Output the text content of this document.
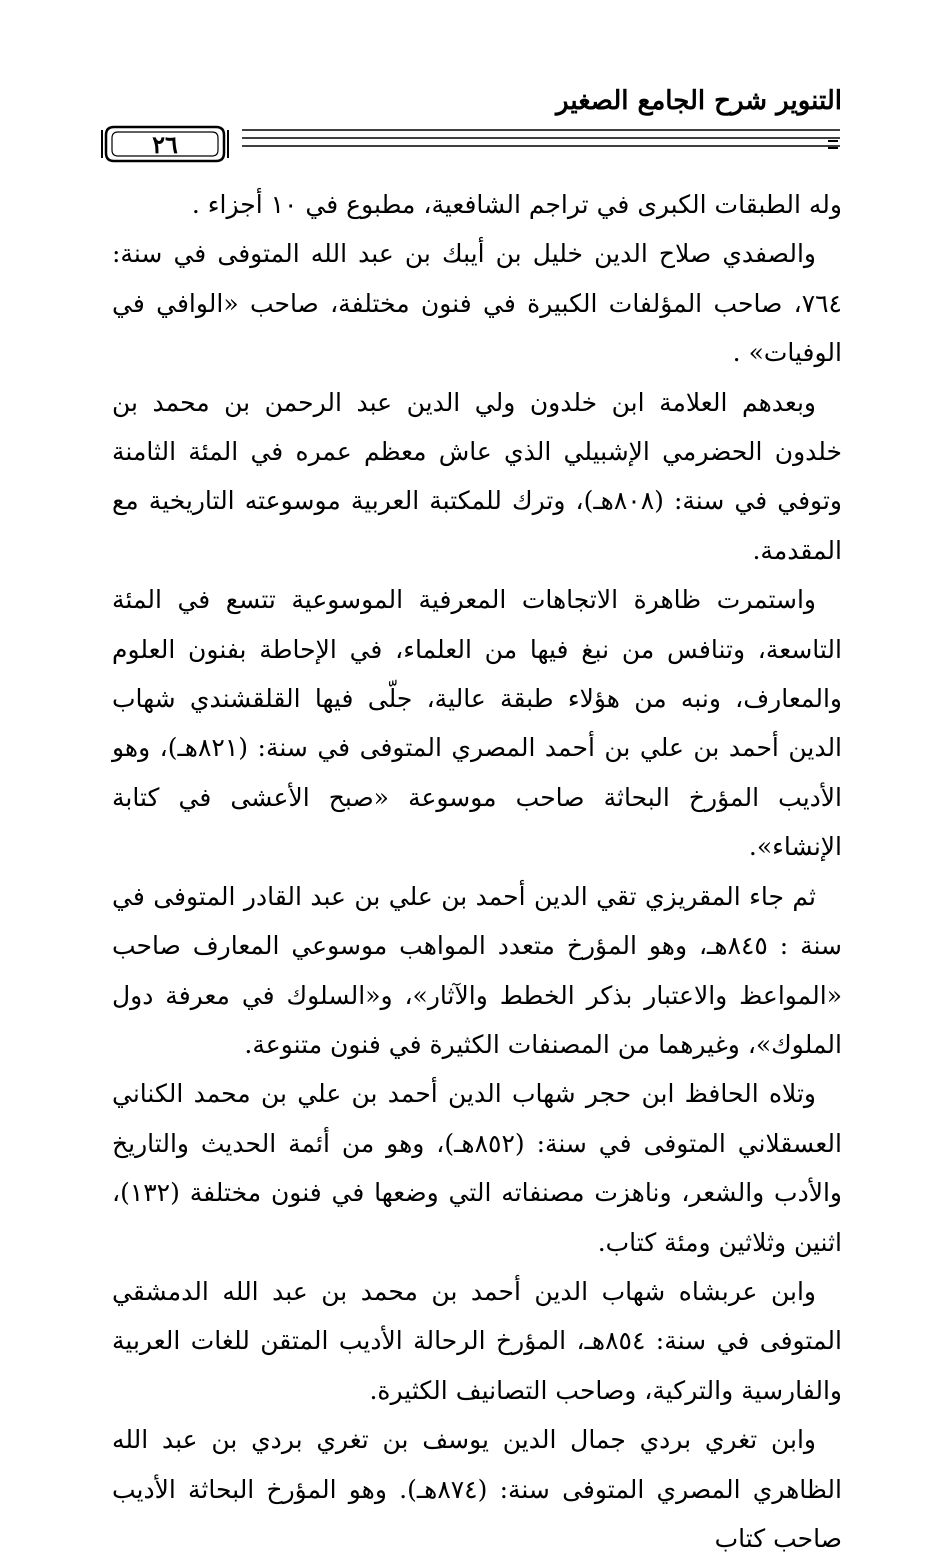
التنوير شرح الجامع الصغير
٢٦

وله الطبقات الكبرى في تراجم الشافعية، مطبوع في ١٠ أجزاء .

والصفدي صلاح الدين خليل بن أيبك بن عبد الله المتوفى في سنة: ٧٦٤، صاحب المؤلفات الكبيرة في فنون مختلفة، صاحب «الوافي في الوفيات» .

وبعدهم العلامة ابن خلدون ولي الدين عبد الرحمن بن محمد بن خلدون الحضرمي الإشبيلي الذي عاش معظم عمره في المئة الثامنة وتوفي في سنة: (٨٠٨هـ)، وترك للمكتبة العربية موسوعته التاريخية مع المقدمة.

واستمرت ظاهرة الاتجاهات المعرفية الموسوعية تتسع في المئة التاسعة، وتنافس من نبغ فيها من العلماء، في الإحاطة بفنون العلوم والمعارف، ونبه من هؤلاء طبقة عالية، جلّى فيها القلقشندي شهاب الدين أحمد بن علي بن أحمد المصري المتوفى في سنة: (٨٢١هـ)، وهو الأديب المؤرخ البحاثة صاحب موسوعة «صبح الأعشى في كتابة الإنشاء».

ثم جاء المقريزي تقي الدين أحمد بن علي بن عبد القادر المتوفى في سنة : ٨٤٥هـ، وهو المؤرخ متعدد المواهب موسوعي المعارف صاحب «المواعظ والاعتبار بذكر الخطط والآثار»، و«السلوك في معرفة دول الملوك»، وغيرهما من المصنفات الكثيرة في فنون متنوعة.

وتلاه الحافظ ابن حجر شهاب الدين أحمد بن علي بن محمد الكناني العسقلاني المتوفى في سنة: (٨٥٢هـ)، وهو من أئمة الحديث والتاريخ والأدب والشعر، وناهزت مصنفاته التي وضعها في فنون مختلفة (١٣٢)، اثنين وثلاثين ومئة كتاب.

وابن عربشاه شهاب الدين أحمد بن محمد بن عبد الله الدمشقي المتوفى في سنة: ٨٥٤هـ، المؤرخ الرحالة الأديب المتقن للغات العربية والفارسية والتركية، وصاحب التصانيف الكثيرة.

وابن تغري بردي جمال الدين يوسف بن تغري بردي بن عبد الله الظاهري المصري المتوفى سنة: (٨٧٤هـ). وهو المؤرخ البحاثة الأديب صاحب كتاب
